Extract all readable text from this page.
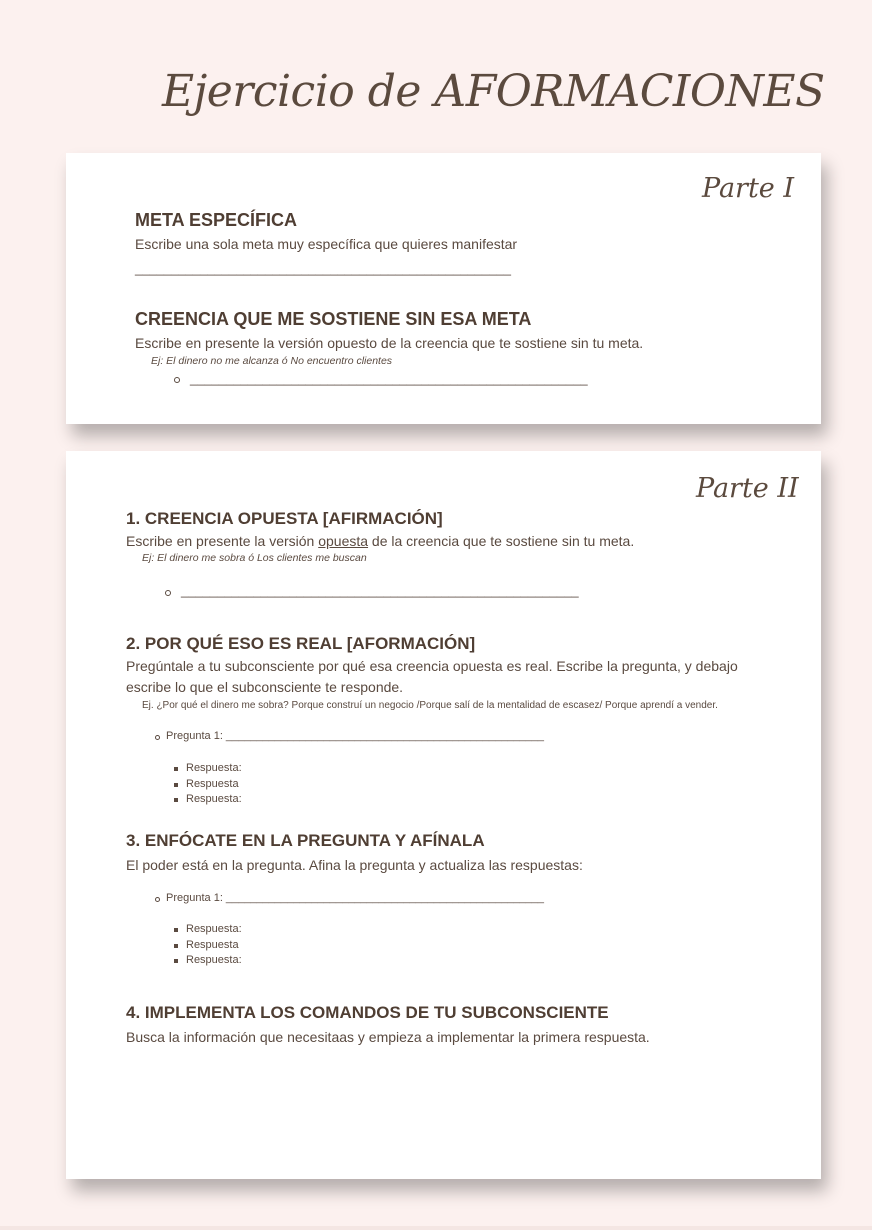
Ejercicio de AFORMACIONES
Parte I
META ESPECÍFICA
Escribe una sola meta muy específica que quieres manifestar
____________________________________________________
CREENCIA QUE ME SOSTIENE SIN ESA META
Escribe en presente la versión opuesto de la creencia que te sostiene sin tu meta.
Ej: El dinero no me alcanza ó No encuentro clientes
_______________________________________________________
Parte II
1. CREENCIA OPUESTA [AFIRMACIÓN]
Escribe en presente la versión opuesta de la creencia que te sostiene sin tu meta.
Ej: El dinero me sobra ó Los clientes me buscan
_______________________________________________________
2. POR QUÉ ESO ES REAL [AFORMACIÓN]
Pregúntale a tu subconsciente por qué esa creencia opuesta es real. Escribe la pregunta, y debajo
escribe lo que el subconsciente te responde.
Ej. ¿Por qué el dinero me sobra? Porque construí un negocio /Porque salí de la mentalidad de escasez/ Porque aprendí a vender.
Pregunta 1: ____________________________________________________
Respuesta:
Respuesta
Respuesta:
3. ENFÓCATE EN LA PREGUNTA Y AFÍNALA
El poder está en la pregunta. Afina la pregunta y actualiza las respuestas:
Pregunta 1: ____________________________________________________
Respuesta:
Respuesta
Respuesta:
4. IMPLEMENTA LOS COMANDOS DE TU SUBCONSCIENTE
Busca la información que necesitaas y empieza a implementar la primera respuesta.
